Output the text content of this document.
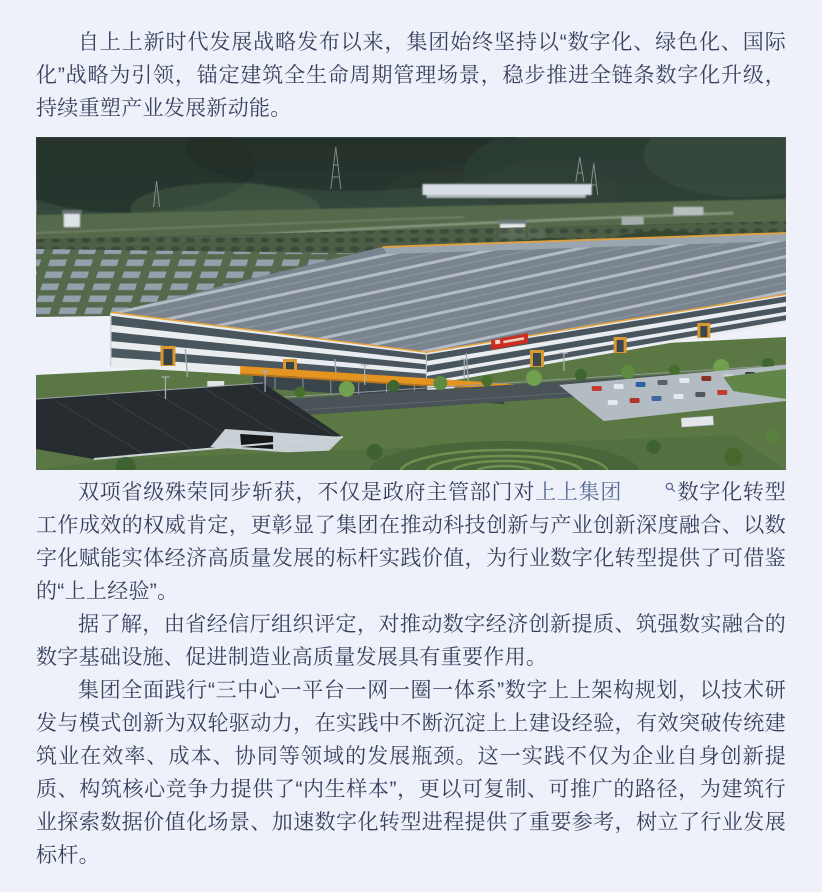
自上上新时代发展战略发布以来，集团始终坚持以“数字化、绿色化、国际化”战略为引领，锚定建筑全生命周期管理场景，稳步推进全链条数字化升级，持续重塑产业发展新动能。

双项省级殊荣同步斩获，不仅是政府主管部门对上上集团	数字化转型工作成效的权威肯定，更彰显了集团在推动科技创新与产业创新深度融合、以数字化赋能实体经济高质量发展的标杆实践价值，为行业数字化转型提供了可借鉴的“上上经验”。

据了解，由省经信厅组织评定，对推动数字经济创新提质、筑强数实融合的数字基础设施、促进制造业高质量发展具有重要作用。

集团全面践行“三中心一平台一网一圈一体系”数字上上架构规划，以技术研发与模式创新为双轮驱动力，在实践中不断沉淀上上建设经验，有效突破传统建筑业在效率、成本、协同等领域的发展瓶颈。这一实践不仅为企业自身创新提质、构筑核心竞争力提供了“内生样本”，更以可复制、可推广的路径，为建筑行业探索数据价值化场景、加速数字化转型进程提供了重要参考，树立了行业发展标杆。
